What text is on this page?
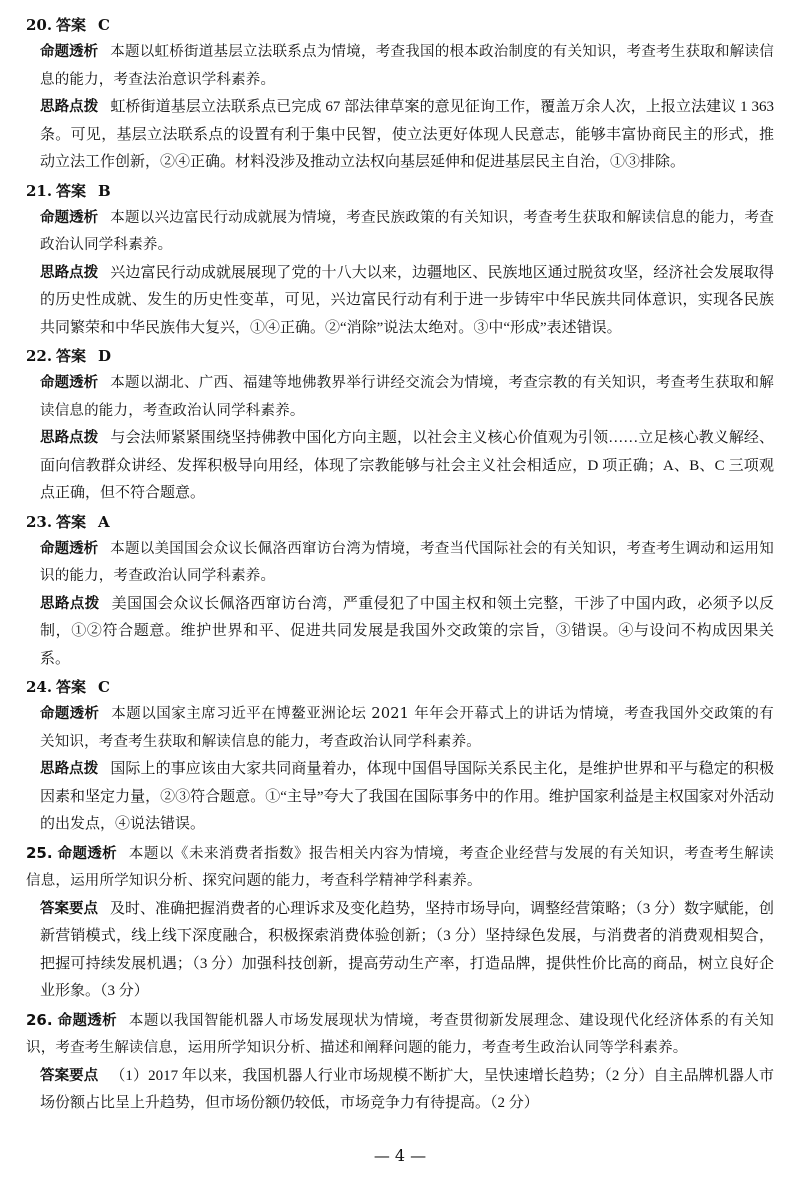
20. 答案 C

命题透析 本题以虹桥街道基层立法联系点为情境，考查我国的根本政治制度的有关知识，考查考生获取和解读信息的能力，考查法治意识学科素养。

思路点拨 虹桥街道基层立法联系点已完成 67 部法律草案的意见征询工作，覆盖万余人次，上报立法建议 1 363条。可见，基层立法联系点的设置有利于集中民智，使立法更好体现人民意志，能够丰富协商民主的形式，推动立法工作创新，②④正确。材料没涉及推动立法权向基层延伸和促进基层民主自治，①③排除。

21. 答案 B

命题透析 本题以兴边富民行动成就展为情境，考查民族政策的有关知识，考查考生获取和解读信息的能力，考查政治认同学科素养。

思路点拨 兴边富民行动成就展展现了党的十八大以来，边疆地区、民族地区通过脱贫攻坚，经济社会发展取得的历史性成就、发生的历史性变革，可见，兴边富民行动有利于进一步铸牢中华民族共同体意识，实现各民族共同繁荣和中华民族伟大复兴，①④正确。②“消除”说法太绝对。③中“形成”表述错误。

22. 答案 D

命题透析 本题以湖北、广西、福建等地佛教界举行讲经交流会为情境，考查宗教的有关知识，考查考生获取和解读信息的能力，考查政治认同学科素养。

思路点拨 与会法师紧紧围绕坚持佛教中国化方向主题，以社会主义核心价值观为引领……立足核心教义解经、面向信教群众讲经、发挥积极导向用经，体现了宗教能够与社会主义社会相适应，D 项正确；A、B、C 三项观点正确，但不符合题意。

23. 答案 A

命题透析 本题以美国国会众议长佩洛西窜访台湾为情境，考查当代国际社会的有关知识，考查考生调动和运用知识的能力，考查政治认同学科素养。

思路点拨 美国国会众议长佩洛西窜访台湾，严重侵犯了中国主权和领土完整，干涉了中国内政，必须予以反制，①②符合题意。维护世界和平、促进共同发展是我国外交政策的宗旨，③错误。④与设问不构成因果关系。

24. 答案 C

命题透析 本题以国家主席习近平在博鳌亚洲论坛 2021 年年会开幕式上的讲话为情境，考查我国外交政策的有关知识，考查考生获取和解读信息的能力，考查政治认同学科素养。

思路点拨 国际上的事应该由大家共同商量着办，体现中国倡导国际关系民主化，是维护世界和平与稳定的积极因素和坚定力量，②③符合题意。①“主导”夸大了我国在国际事务中的作用。维护国家利益是主权国家对外活动的出发点，④说法错误。

25. 命题透析 本题以《未来消费者指数》报告相关内容为情境，考查企业经营与发展的有关知识，考查考生解读信息，运用所学知识分析、探究问题的能力，考查科学精神学科素养。

答案要点 及时、准确把握消费者的心理诉求及变化趋势，坚持市场导向，调整经营策略；（3 分）数字赋能，创新营销模式，线上线下深度融合，积极探索消费体验创新；（3 分）坚持绿色发展，与消费者的消费观相契合，把握可持续发展机遇；（3 分）加强科技创新，提高劳动生产率，打造品牌，提供性价比高的商品，树立良好企业形象。（3 分）

26. 命题透析 本题以我国智能机器人市场发展现状为情境，考查贯彻新发展理念、建设现代化经济体系的有关知识，考查考生解读信息，运用所学知识分析、描述和阐释问题的能力，考查考生政治认同等学科素养。

答案要点 （1）2017 年以来，我国机器人行业市场规模不断扩大，呈快速增长趋势；（2 分）自主品牌机器人市场份额占比呈上升趋势，但市场份额仍较低，市场竞争力有待提高。（2 分）

— 4 —
